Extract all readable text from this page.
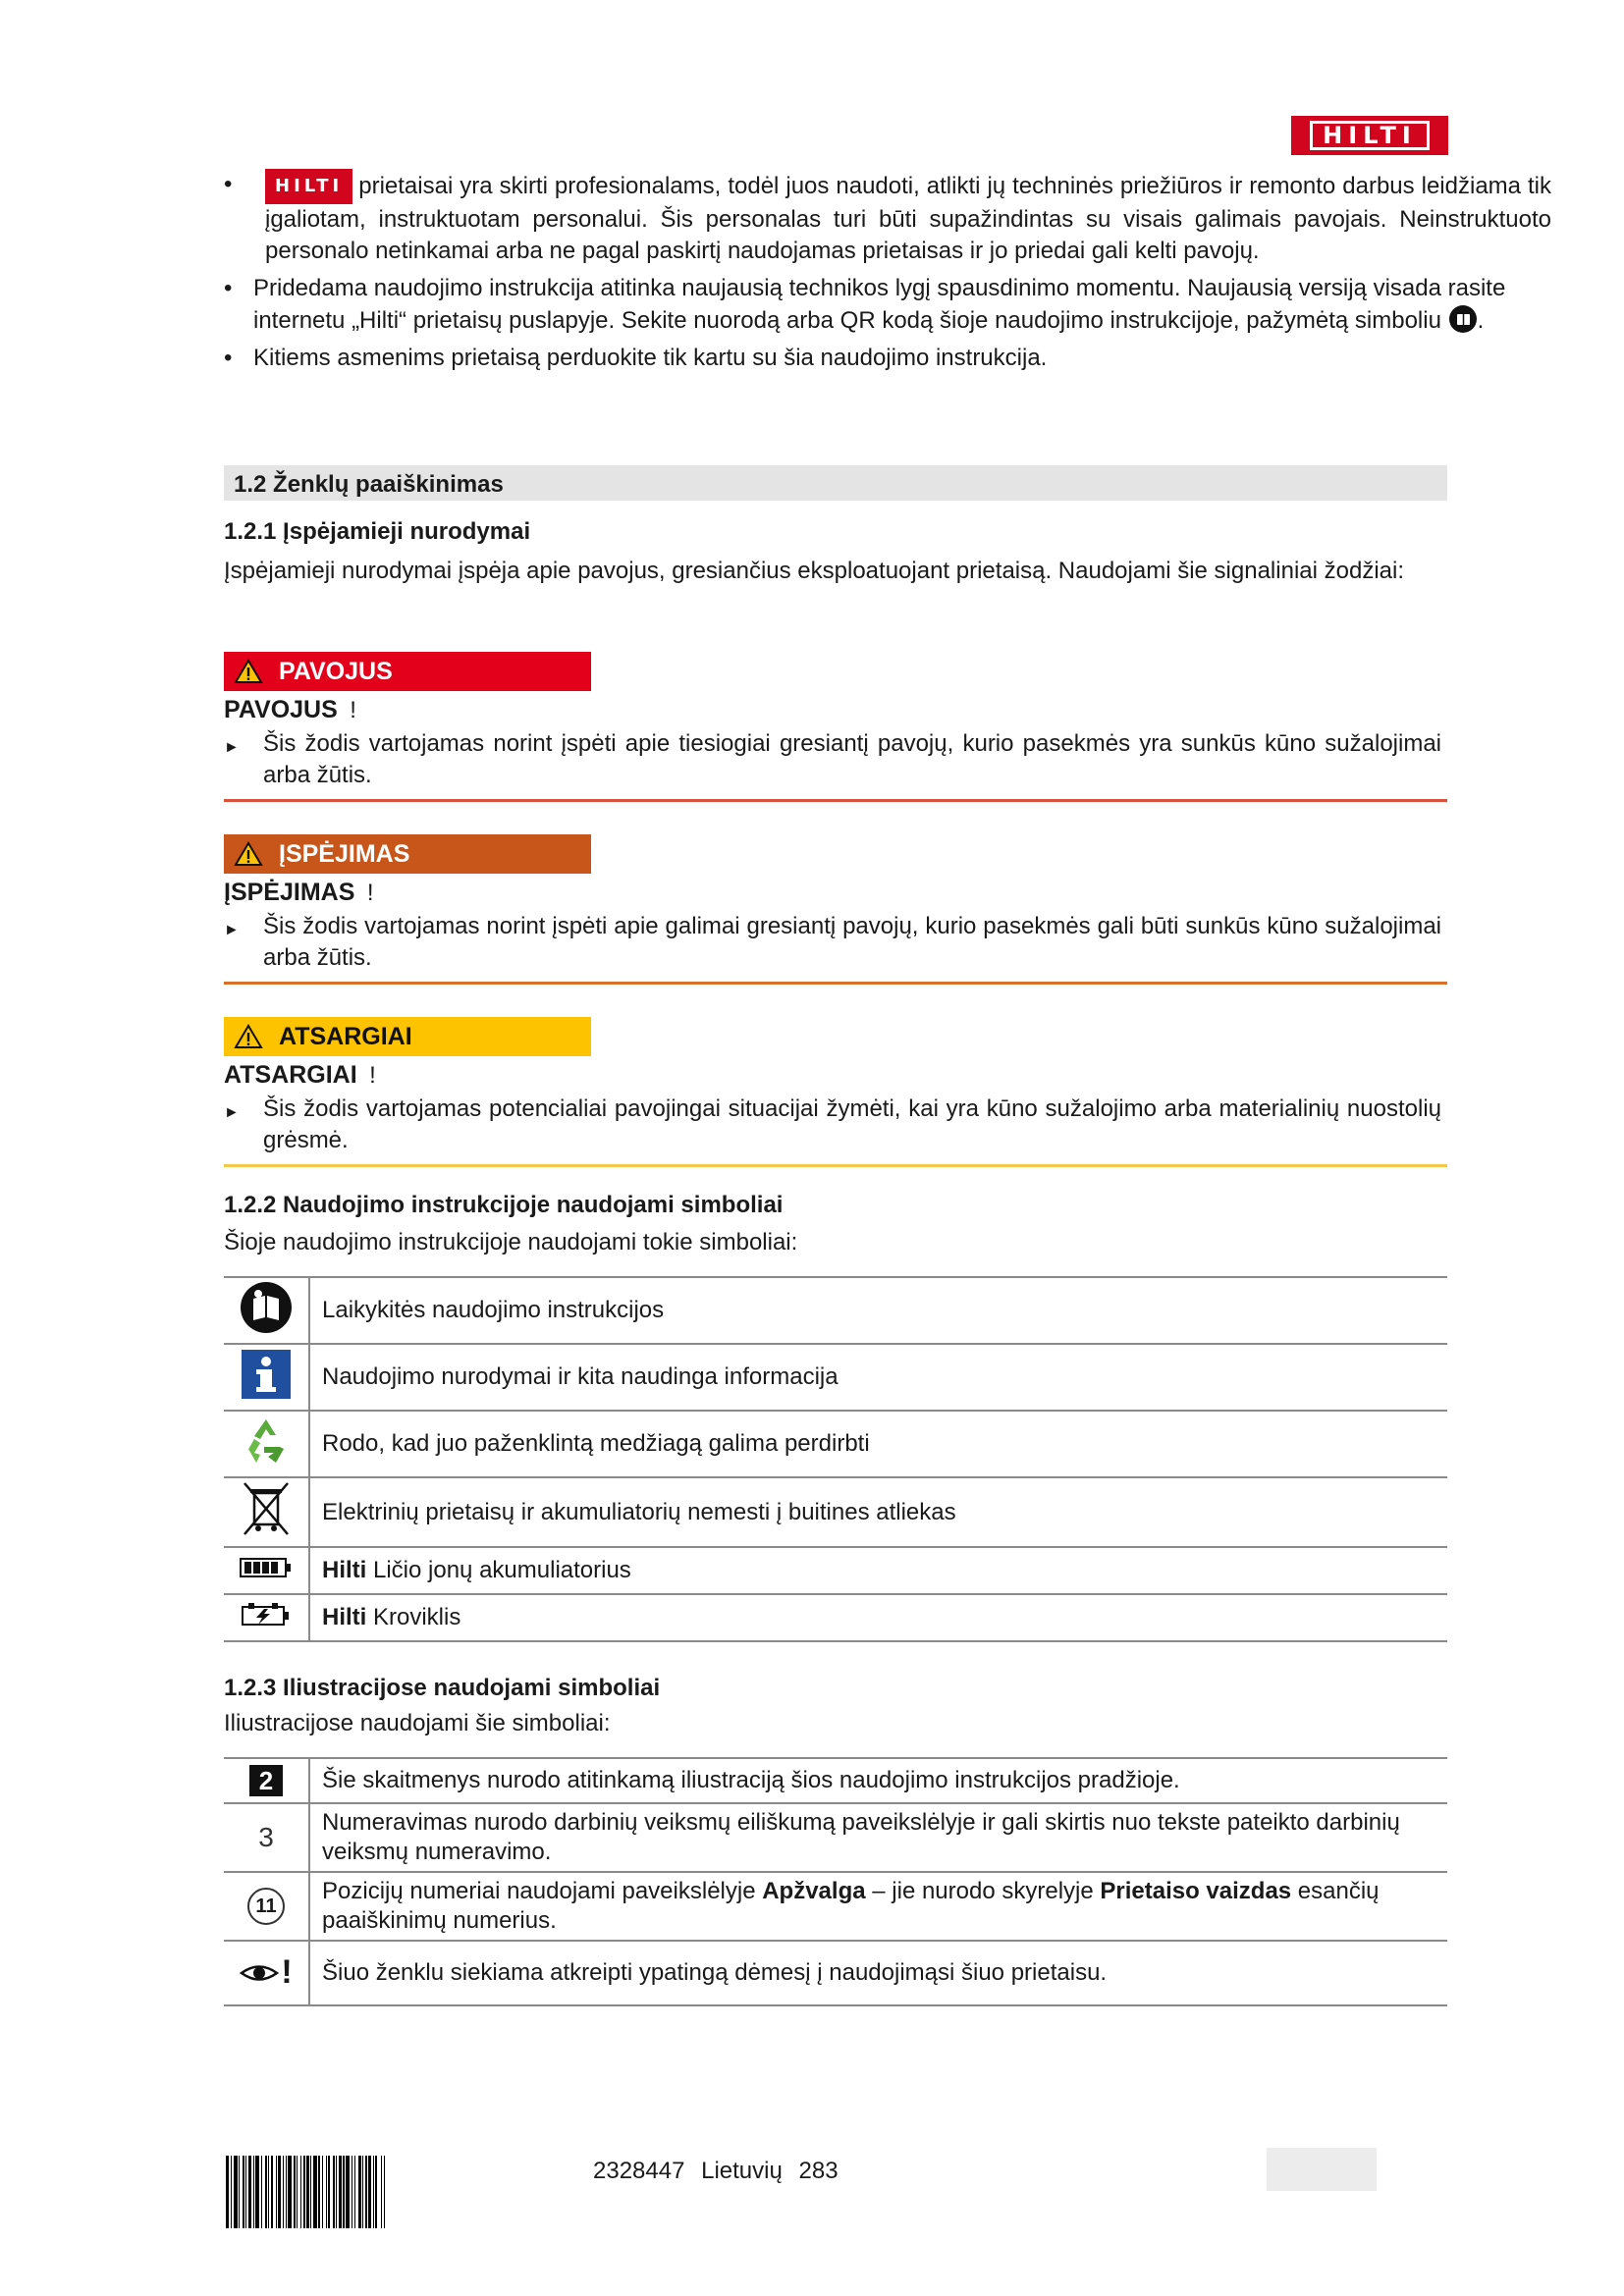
HILTI
•	HILTI prietaisai yra skirti profesionalams, todėl juos naudoti, atlikti jų techninės priežiūros ir remonto darbus leidžiama tik įgaliotam, instruktuotam personalui. Šis personalas turi būti supažindintas su visais galimais pavojais. Neinstruktuoto personalo netinkamai arba ne pagal paskirtį naudojamas prietaisas ir jo priedai gali kelti pavojų.
• Pridedama naudojimo instrukcija atitinka naujausią technikos lygį spausdinimo momentu. Naujausią versiją visada rasite internetu „Hilti“ prietaisų puslapyje. Sekite nuorodą arba QR kodą šioje naudojimo instrukcijoje, pažymėtą simboliu .
• Kitiems asmenims prietaisą perduokite tik kartu su šia naudojimo instrukcija.
1.2 Ženklų paaiškinimas
1.2.1 Įspėjamieji nurodymai
Įspėjamieji nurodymai įspėja apie pavojus, gresiančius eksploatuojant prietaisą. Naudojami šie signaliniai žodžiai:
PAVOJUS
PAVOJUS !
►	Šis žodis vartojamas norint įspėti apie tiesiogiai gresiantį pavojų, kurio pasekmės yra sunkūs kūno sužalojimai arba žūtis.
ĮSPĖJIMAS
ĮSPĖJIMAS !
►	Šis žodis vartojamas norint įspėti apie galimai gresiantį pavojų, kurio pasekmės gali būti sunkūs kūno sužalojimai arba žūtis.
ATSARGIAI
ATSARGIAI !
►	Šis žodis vartojamas potencialiai pavojingai situacijai žymėti, kai yra kūno sužalojimo arba materialinių nuostolių grėsmė.
1.2.2 Naudojimo instrukcijoje naudojami simboliai
Šioje naudojimo instrukcijoje naudojami tokie simboliai:
	Laikykitės naudojimo instrukcijos
	Naudojimo nurodymai ir kita naudinga informacija
	Rodo, kad juo paženklintą medžiagą galima perdirbti
	Elektrinių prietaisų ir akumuliatorių nemesti į buitines atliekas
	Hilti Ličio jonų akumuliatorius
	Hilti Kroviklis
1.2.3 Iliustracijose naudojami simboliai
Iliustracijose naudojami šie simboliai:
2	Šie skaitmenys nurodo atitinkamą iliustraciją šios naudojimo instrukcijos pradžioje.
3	Numeravimas nurodo darbinių veiksmų eiliškumą paveikslėlyje ir gali skirtis nuo tekste pateikto darbinių veiksmų numeravimo.
11	Pozicijų numeriai naudojami paveikslėlyje Apžvalga – jie nurodo skyrelyje Prietaiso vaizdas esančių paaiškinimų numerius.

!	Šiuo ženklu siekiama atkreipti ypatingą dėmesį į naudojimąsi šiuo prietaisu.
2328447 Lietuvių 283
